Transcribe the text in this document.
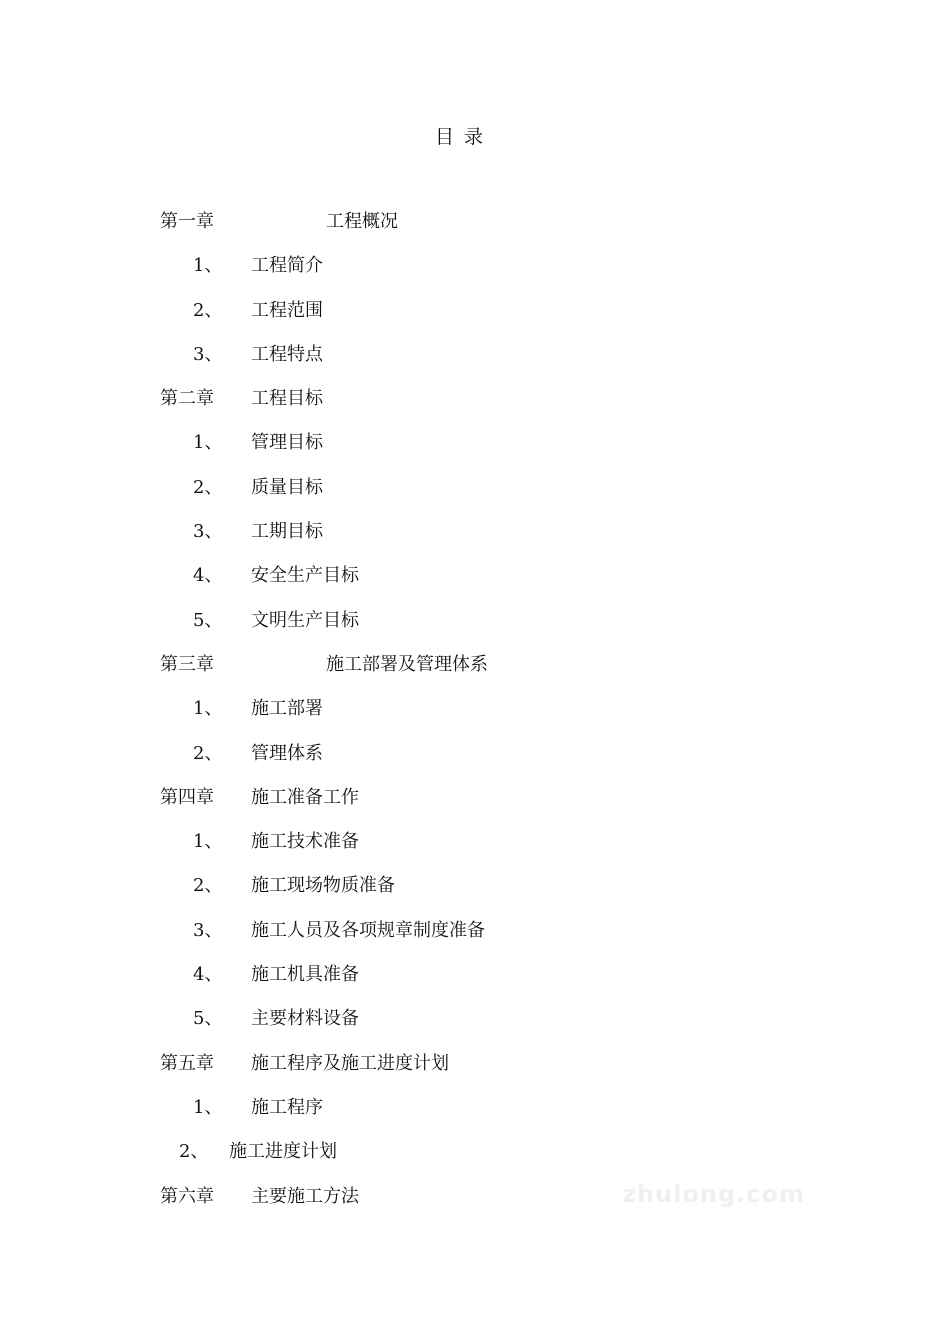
目 录
第一章	工程概况
1、 工程简介
2、 工程范围
3、 工程特点
第二章 工程目标
1、 管理目标
2、 质量目标
3、 工期目标
4、 安全生产目标
5、 文明生产目标
第三章	施工部署及管理体系
1、 施工部署
2、 管理体系
第四章 施工准备工作
1、 施工技术准备
2、 施工现场物质准备
3、 施工人员及各项规章制度准备
4、 施工机具准备
5、 主要材料设备
第五章 施工程序及施工进度计划
1、 施工程序
2、 施工进度计划
第六章 主要施工方法	zhulong.com
